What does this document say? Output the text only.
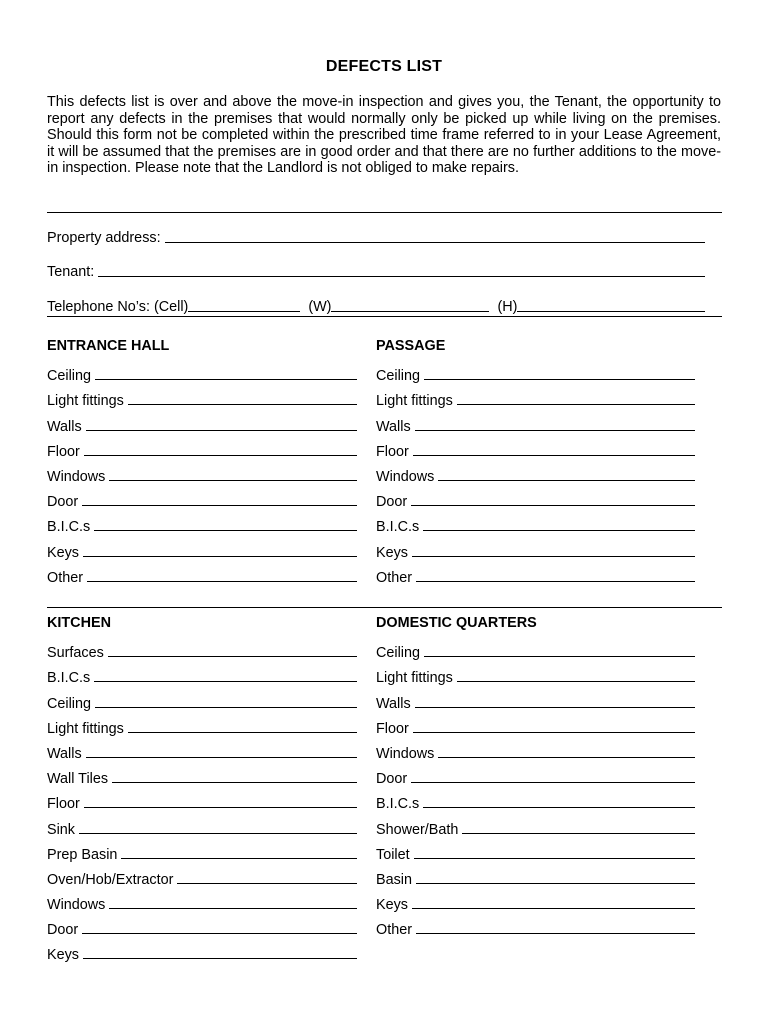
DEFECTS LIST
This defects list is over and above the move-in inspection and gives you, the Tenant, the opportunity to report any defects in the premises that would normally only be picked up while living on the premises. Should this form not be completed within the prescribed time frame referred to in your Lease Agreement, it will be assumed that the premises are in good order and that there are no further additions to the move-in inspection. Please note that the Landlord is not obliged to make repairs.
Property address:
Tenant:
Telephone No’s: (Cell)	(W)	(H)
ENTRANCE HALL
Ceiling
Light fittings
Walls
Floor
Windows
Door
B.I.C.s
Keys
Other
PASSAGE
Ceiling
Light fittings
Walls
Floor
Windows
Door
B.I.C.s
Keys
Other
KITCHEN
Surfaces
B.I.C.s
Ceiling
Light fittings
Walls
Wall Tiles
Floor
Sink
Prep Basin
Oven/Hob/Extractor
Windows
Door
Keys
DOMESTIC QUARTERS
Ceiling
Light fittings
Walls
Floor
Windows
Door
B.I.C.s
Shower/Bath
Toilet
Basin
Keys
Other
